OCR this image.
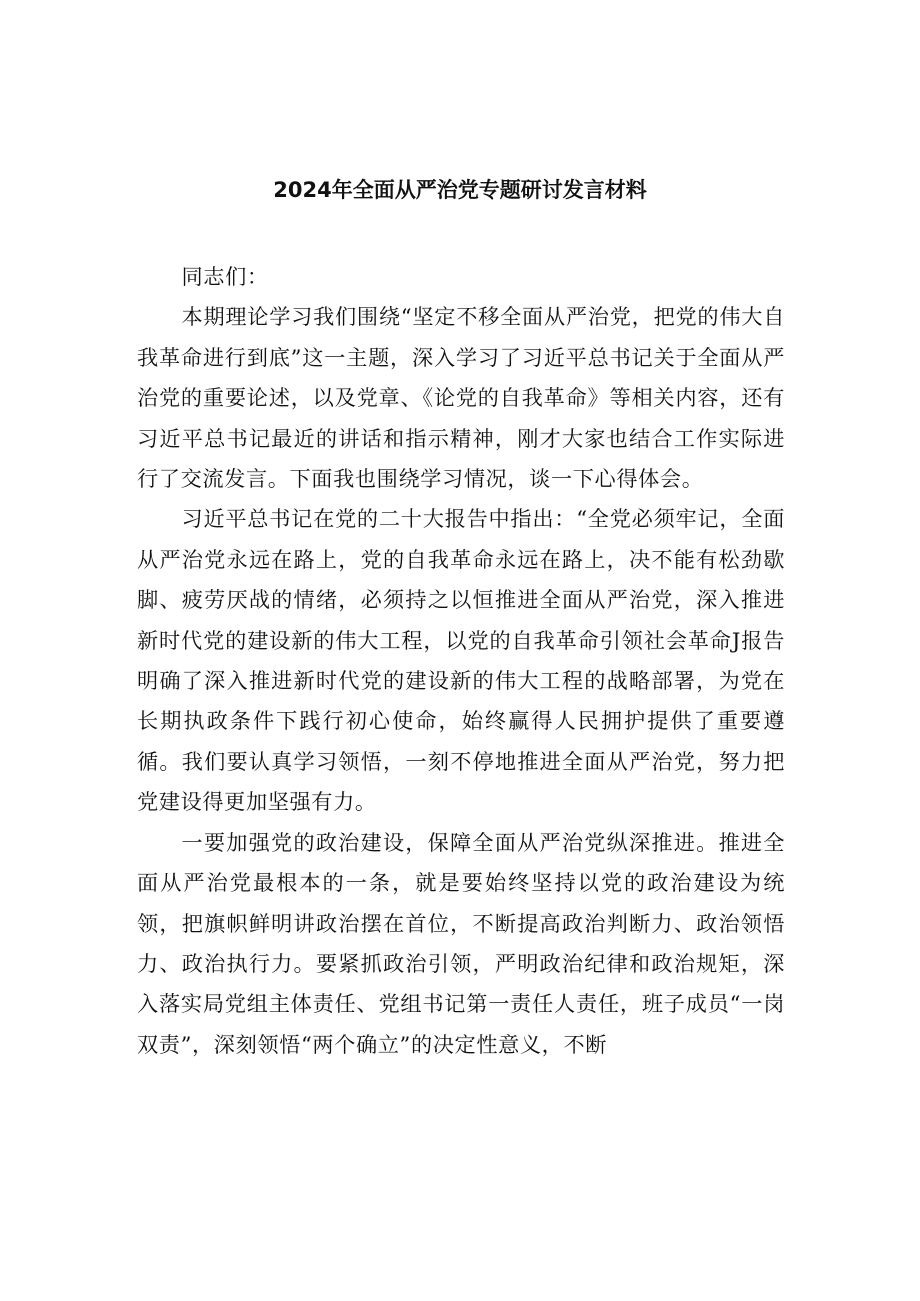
2024年全面从严治党专题研讨发言材料

同志们：

本期理论学习我们围绕“坚定不移全面从严治党，把党的伟大自我革命进行到底”这一主题，深入学习了习近平总书记关于全面从严治党的重要论述，以及党章、《论党的自我革命》等相关内容，还有习近平总书记最近的讲话和指示精神，刚才大家也结合工作实际进行了交流发言。下面我也围绕学习情况，谈一下心得体会。

习近平总书记在党的二十大报告中指出：“全党必须牢记，全面从严治党永远在路上，党的自我革命永远在路上，决不能有松劲歇脚、疲劳厌战的情绪，必须持之以恒推进全面从严治党，深入推进新时代党的建设新的伟大工程，以党的自我革命引领社会革命J报告明确了深入推进新时代党的建设新的伟大工程的战略部署，为党在长期执政条件下践行初心使命，始终赢得人民拥护提供了重要遵循。我们要认真学习领悟，一刻不停地推进全面从严治党，努力把党建设得更加坚强有力。

一要加强党的政治建设，保障全面从严治党纵深推进。推进全面从严治党最根本的一条，就是要始终坚持以党的政治建设为统领，把旗帜鲜明讲政治摆在首位，不断提高政治判断力、政治领悟力、政治执行力。要紧抓政治引领，严明政治纪律和政治规矩，深入落实局党组主体责任、党组书记第一责任人责任，班子成员“一岗双责”，深刻领悟“两个确立”的决定性意义，不断
